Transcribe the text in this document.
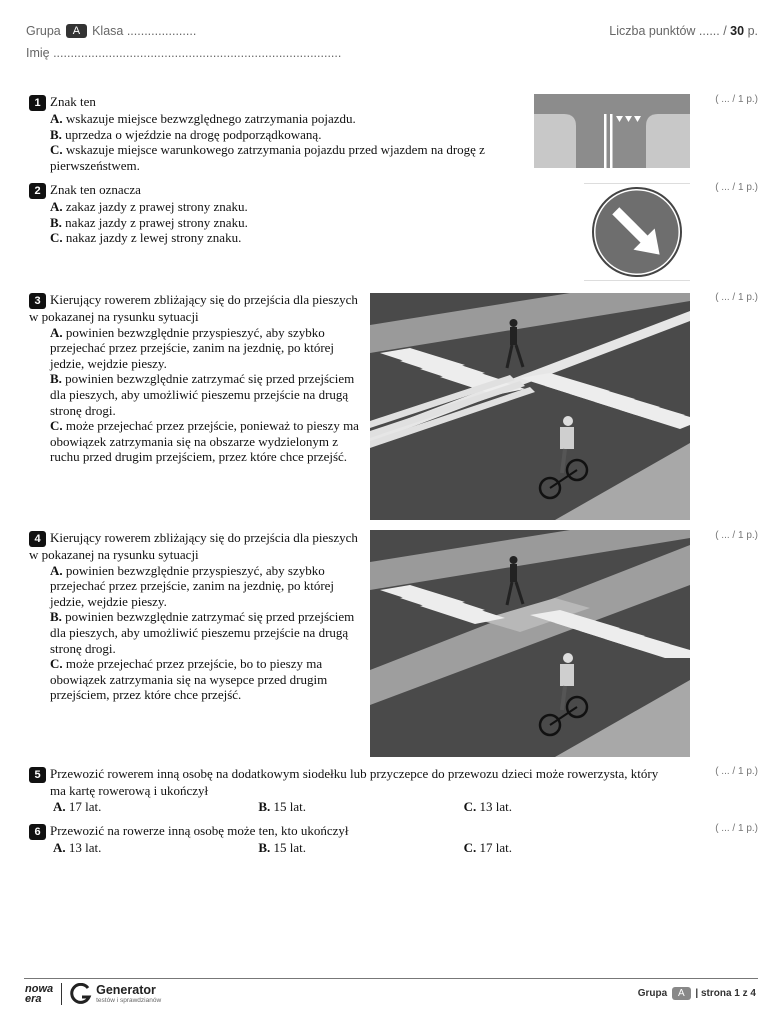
Grupa A Klasa ....................	Liczba punktów ...... / 30 p.
Imię ...................................................................................
1 Znak ten
A. wskazuje miejsce bezwzględnego zatrzymania pojazdu.
B. uprzedza o wjeździe na drogę podporządkowaną.
C. wskazuje miejsce warunkowego zatrzymania pojazdu przed wjazdem na drogę z pierwszeństwem.
( ... / 1 p.)
2 Znak ten oznacza
A. zakaz jazdy z prawej strony znaku.
B. nakaz jazdy z prawej strony znaku.
C. nakaz jazdy z lewej strony znaku.
( ... / 1 p.)
3 Kierujący rowerem zbliżający się do przejścia dla pieszych w pokazanej na rysunku sytuacji
A. powinien bezwzględnie przyspieszyć, aby szybko przejechać przez przejście, zanim na jezdnię, po której jedzie, wejdzie pieszy.
B. powinien bezwzględnie zatrzymać się przed przejściem dla pieszych, aby umożliwić pieszemu przejście na drugą stronę drogi.
C. może przejechać przez przejście, ponieważ to pieszy ma obowiązek zatrzymania się na obszarze wydzielonym z ruchu przed drugim przejściem, przez które chce przejść.
( ... / 1 p.)
4 Kierujący rowerem zbliżający się do przejścia dla pieszych w pokazanej na rysunku sytuacji
A. powinien bezwzględnie przyspieszyć, aby szybko przejechać przez przejście, zanim na jezdnię, po której jedzie, wejdzie pieszy.
B. powinien bezwzględnie zatrzymać się przed przejściem dla pieszych, aby umożliwić pieszemu przejście na drugą stronę drogi.
C. może przejechać przez przejście, bo to pieszy ma obowiązek zatrzymania się na wysepce przed drugim przejściem, przez które chce przejść.
( ... / 1 p.)
5 Przewozić rowerem inną osobę na dodatkowym siodełku lub przyczepce do przewozu dzieci może rowerzysta, który ma kartę rowerową i ukończył
A. 17 lat.	B. 15 lat.	C. 13 lat.
( ... / 1 p.)
6 Przewozić na rowerze inną osobę może ten, kto ukończył
A. 13 lat.	B. 15 lat.	C. 17 lat.
( ... / 1 p.)
nowa
era
Generator
testów i sprawdzianów
Grupa A | strona 1 z 4
